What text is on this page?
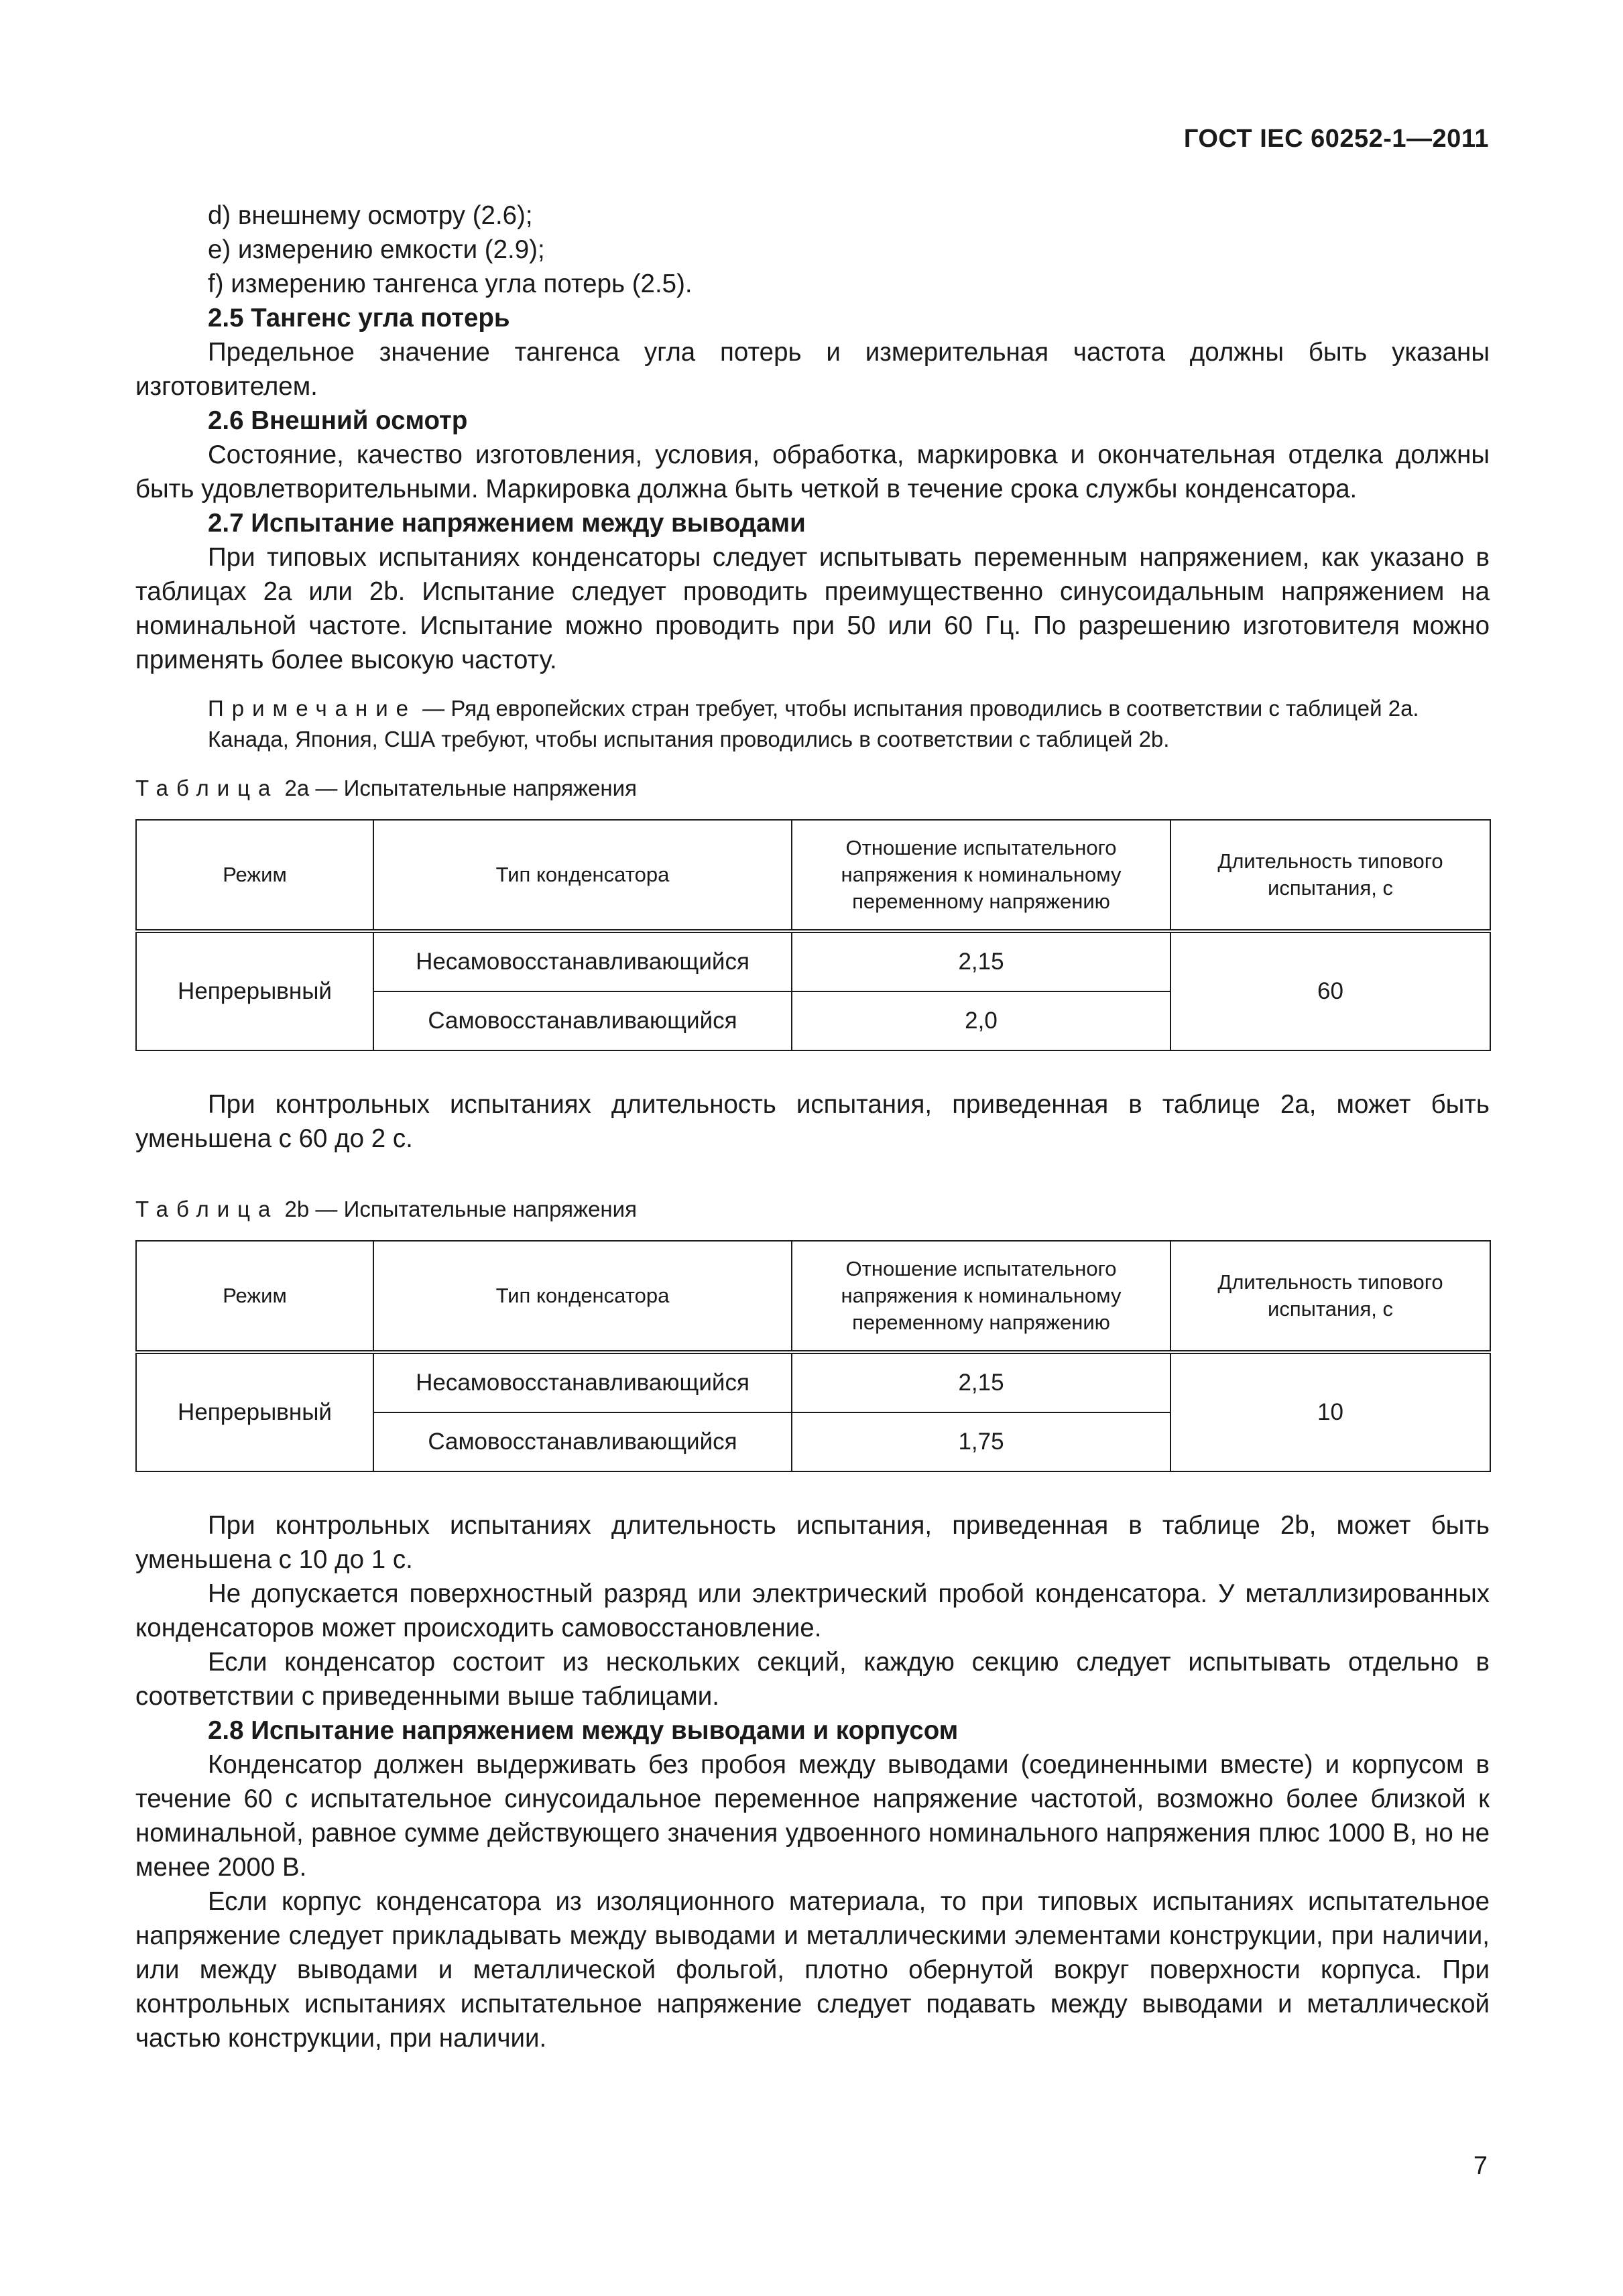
ГОСТ IEC 60252-1—2011

d) внешнему осмотру (2.6);

e) измерению емкости (2.9);

f) измерению тангенса угла потерь (2.5).

2.5 Тангенс угла потерь

Предельное значение тангенса угла потерь и измерительная частота должны быть указаны изготовителем.

2.6 Внешний осмотр

Состояние, качество изготовления, условия, обработка, маркировка и окончательная отделка должны быть удовлетворительными. Маркировка должна быть четкой в течение срока службы конденсатора.

2.7 Испытание напряжением между выводами

При типовых испытаниях конденсаторы следует испытывать переменным напряжением, как указано в таблицах 2а или 2b. Испытание следует проводить преимущественно синусоидальным напряжением на номинальной частоте. Испытание можно проводить при 50 или 60 Гц. По разрешению изготовителя можно применять более высокую частоту.

Примечание — Ряд европейских стран требует, чтобы испытания проводились в соответствии с таблицей 2а.

Канада, Япония, США требуют, чтобы испытания проводились в соответствии с таблицей 2b.

Таблица 2а — Испытательные напряжения

Режим	Тип конденсатора	Отношение испытательного напряжения к номинальному переменному напряжению	Длительность типового испытания, с
Непрерывный	Несамовосстанавливающийся	2,15	60
	Самовосстанавливающийся	2,0	

При контрольных испытаниях длительность испытания, приведенная в таблице 2а, может быть уменьшена с 60 до 2 с.

Таблица 2b — Испытательные напряжения

Режим	Тип конденсатора	Отношение испытательного напряжения к номинальному переменному напряжению	Длительность типового испытания, с
Непрерывный	Несамовосстанавливающийся	2,15	10
	Самовосстанавливающийся	1,75	

При контрольных испытаниях длительность испытания, приведенная в таблице 2b, может быть уменьшена с 10 до 1 с.

Не допускается поверхностный разряд или электрический пробой конденсатора. У металлизированных конденсаторов может происходить самовосстановление.

Если конденсатор состоит из нескольких секций, каждую секцию следует испытывать отдельно в соответствии с приведенными выше таблицами.

2.8 Испытание напряжением между выводами и корпусом

Конденсатор должен выдерживать без пробоя между выводами (соединенными вместе) и корпусом в течение 60 с испытательное синусоидальное переменное напряжение частотой, возможно более близкой к номинальной, равное сумме действующего значения удвоенного номинального напряжения плюс 1000 В, но не менее 2000 В.

Если корпус конденсатора из изоляционного материала, то при типовых испытаниях испытательное напряжение следует прикладывать между выводами и металлическими элементами конструкции, при наличии, или между выводами и металлической фольгой, плотно обернутой вокруг поверхности корпуса. При контрольных испытаниях испытательное напряжение следует подавать между выводами и металлической частью конструкции, при наличии.

7
